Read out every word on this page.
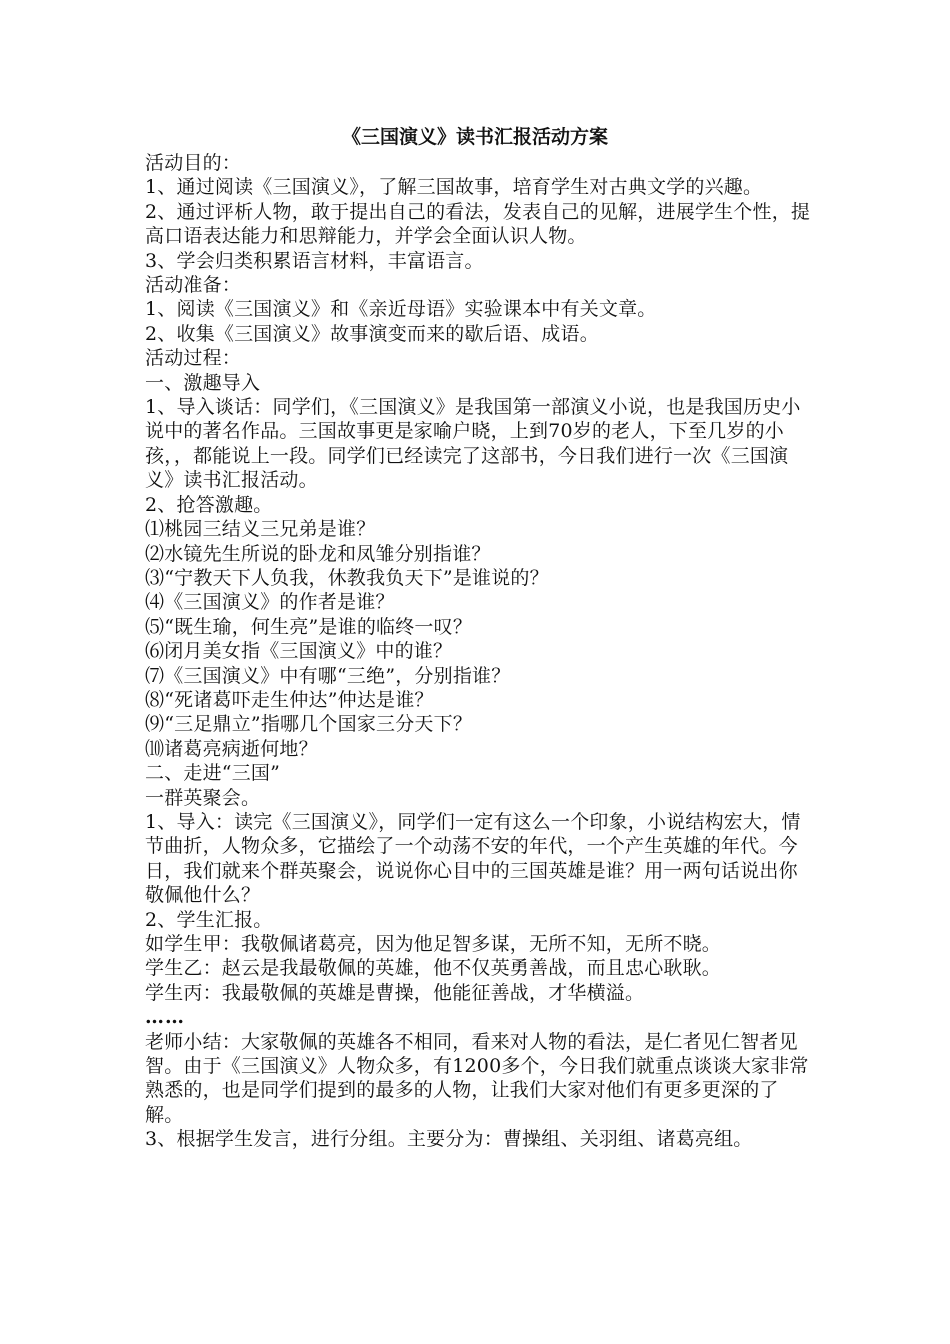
《三国演义》读书汇报活动方案

活动目的：

1、通过阅读《三国演义》，了解三国故事，培育学生对古典文学的兴趣。

2、通过评析人物，敢于提出自己的看法，发表自己的见解，进展学生个性，提高口语表达能力和思辩能力，并学会全面认识人物。

3、学会归类积累语言材料，丰富语言。

活动准备：

1、阅读《三国演义》和《亲近母语》实验课本中有关文章。

2、收集《三国演义》故事演变而来的歇后语、成语。

活动过程：

一、激趣导入

1、导入谈话：同学们，《三国演义》是我国第一部演义小说，也是我国历史小说中的著名作品。三国故事更是家喻户晓，上到70岁的老人，下至几岁的小孩，，都能说上一段。同学们已经读完了这部书，今日我们进行一次《三国演义》读书汇报活动。

2、抢答激趣。

⑴桃园三结义三兄弟是谁？

⑵水镜先生所说的卧龙和凤雏分别指谁？

⑶“宁教天下人负我，休教我负天下”是谁说的？

⑷《三国演义》的作者是谁？

⑸“既生瑜，何生亮”是谁的临终一叹？

⑹闭月美女指《三国演义》中的谁？

⑺《三国演义》中有哪“三绝”，分别指谁？

⑻“死诸葛吓走生仲达”仲达是谁？

⑼“三足鼎立”指哪几个国家三分天下？

⑽诸葛亮病逝何地？

二、走进“三国”

一群英聚会。

1、导入：读完《三国演义》，同学们一定有这么一个印象，小说结构宏大，情节曲折，人物众多，它描绘了一个动荡不安的年代，一个产生英雄的年代。今日，我们就来个群英聚会，说说你心目中的三国英雄是谁？用一两句话说出你敬佩他什么？

2、学生汇报。

如学生甲：我敬佩诸葛亮，因为他足智多谋，无所不知，无所不晓。

学生乙：赵云是我最敬佩的英雄，他不仅英勇善战，而且忠心耿耿。

学生丙：我最敬佩的英雄是曹操，他能征善战，才华横溢。

……

老师小结：大家敬佩的英雄各不相同，看来对人物的看法，是仁者见仁智者见智。由于《三国演义》人物众多，有1200多个，今日我们就重点谈谈大家非常熟悉的，也是同学们提到的最多的人物，让我们大家对他们有更多更深的了解。

3、根据学生发言，进行分组。主要分为：曹操组、关羽组、诸葛亮组。
